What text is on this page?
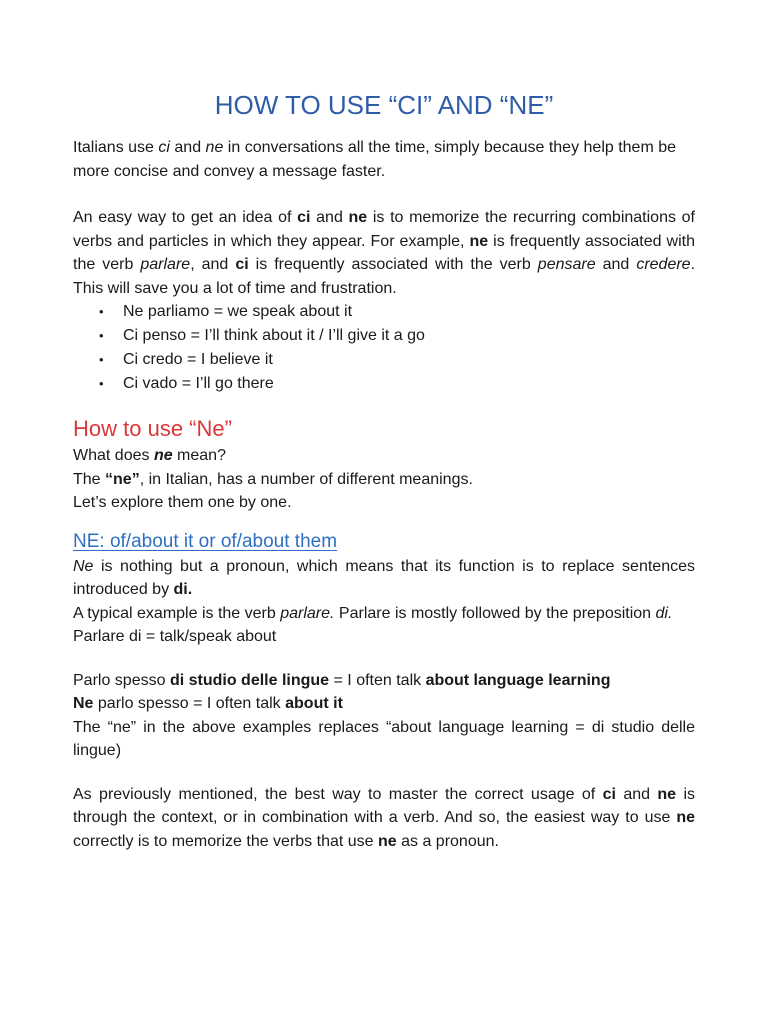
HOW TO USE “CI” AND “NE”

Italians use ci and ne in conversations all the time, simply because they help them be more concise and convey a message faster.

An easy way to get an idea of ci and ne is to memorize the recurring combinations of verbs and particles in which they appear. For example, ne is frequently associated with the verb parlare, and ci is frequently associated with the verb pensare and credere. This will save you a lot of time and frustration.

• Ne parliamo = we speak about it
• Ci penso = I’ll think about it / I’ll give it a go
• Ci credo = I believe it
• Ci vado = I’ll go there
How to use “Ne”

What does ne mean?

The “ne”, in Italian, has a number of different meanings.

Let’s explore them one by one.

NE: of/about it or of/about them

Ne is nothing but a pronoun, which means that its function is to replace sentences introduced by di.

A typical example is the verb parlare. Parlare is mostly followed by the preposition di.

Parlare di = talk/speak about

Parlo spesso di studio delle lingue = I often talk about language learning

Ne parlo spesso = I often talk about it

The “ne” in the above examples replaces “about language learning = di studio delle lingue)

As previously mentioned, the best way to master the correct usage of ci and ne is through the context, or in combination with a verb. And so, the easiest way to use ne correctly is to memorize the verbs that use ne as a pronoun.
